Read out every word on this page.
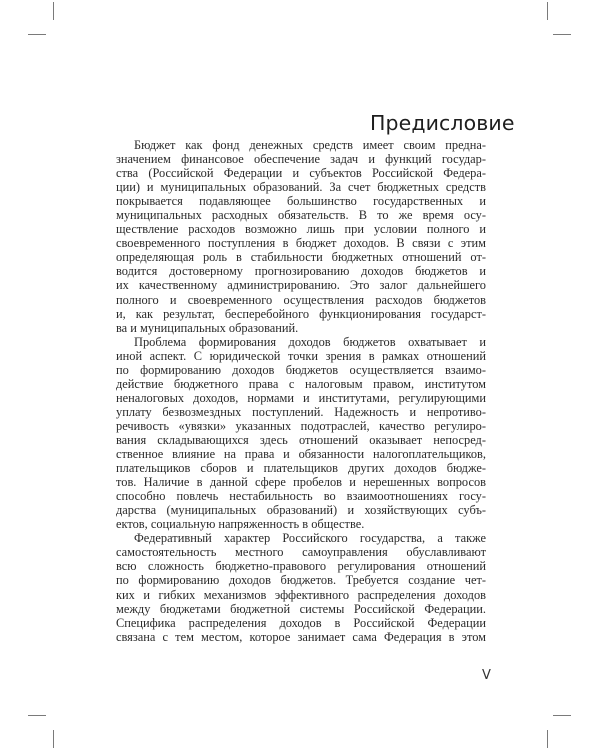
Предисловие
Бюджет как фонд денежных средств имеет своим предна-
значением финансовое обеспечение задач и функций государ-
ства (Российской Федерации и субъектов Российской Федера-
ции) и муниципальных образований. За счет бюджетных средств
покрывается подавляющее большинство государственных и
муниципальных расходных обязательств. В то же время осу-
ществление расходов возможно лишь при условии полного и
своевременного поступления в бюджет доходов. В связи с этим
определяющая роль в стабильности бюджетных отношений от-
водится достоверному прогнозированию доходов бюджетов и
их качественному администрированию. Это залог дальнейшего
полного и своевременного осуществления расходов бюджетов
и, как результат, бесперебойного функционирования государст-
ва и муниципальных образований.
Проблема формирования доходов бюджетов охватывает и
иной аспект. С юридической точки зрения в рамках отношений
по формированию доходов бюджетов осуществляется взаимо-
действие бюджетного права с налоговым правом, институтом
неналоговых доходов, нормами и институтами, регулирующими
уплату безвозмездных поступлений. Надежность и непротиво-
речивость «увязки» указанных подотраслей, качество регулиро-
вания складывающихся здесь отношений оказывает непосред-
ственное влияние на права и обязанности налогоплательщиков,
плательщиков сборов и плательщиков других доходов бюдже-
тов. Наличие в данной сфере пробелов и нерешенных вопросов
способно повлечь нестабильность во взаимоотношениях госу-
дарства (муниципальных образований) и хозяйствующих субъ-
ектов, социальную напряженность в обществе.
Федеративный характер Российского государства, а также
самостоятельность местного самоуправления обуславливают
всю сложность бюджетно-правового регулирования отношений
по формированию доходов бюджетов. Требуется создание чет-
ких и гибких механизмов эффективного распределения доходов
между бюджетами бюджетной системы Российской Федерации.
Специфика распределения доходов в Российской Федерации
связана с тем местом, которое занимает сама Федерация в этом
V
